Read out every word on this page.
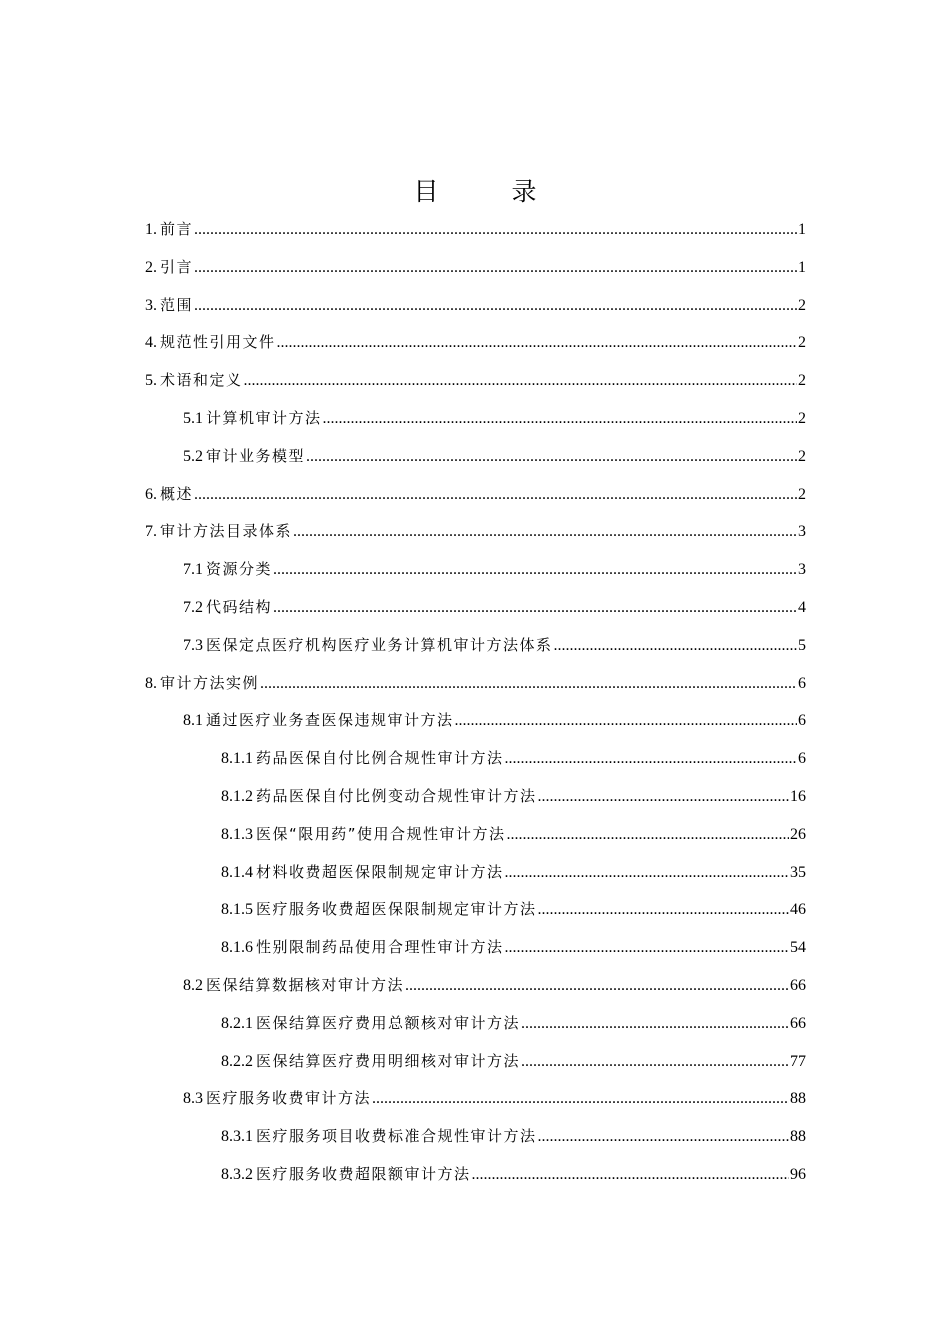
目　录
1. 前言 .....	1
2. 引言 .....	1
3. 范围 .....	2
4. 规范性引用文件 .....	2
5. 术语和定义 .....	2
5.1 计算机审计方法 .....	2
5.2 审计业务模型 .....	2
6. 概述 .....	2
7. 审计方法目录体系 .....	3
7.1 资源分类 .....	3
7.2 代码结构 .....	4
7.3 医保定点医疗机构医疗业务计算机审计方法体系 .....	5
8. 审计方法实例 .....	6
8.1 通过医疗业务查医保违规审计方法 .....	6
8.1.1 药品医保自付比例合规性审计方法 .....	6
8.1.2 药品医保自付比例变动合规性审计方法 .....	16
8.1.3 医保“限用药”使用合规性审计方法 .....	26
8.1.4 材料收费超医保限制规定审计方法 .....	35
8.1.5 医疗服务收费超医保限制规定审计方法 .....	46
8.1.6 性别限制药品使用合理性审计方法 .....	54
8.2 医保结算数据核对审计方法 .....	66
8.2.1 医保结算医疗费用总额核对审计方法 .....	66
8.2.2 医保结算医疗费用明细核对审计方法 .....	77
8.3 医疗服务收费审计方法 .....	88
8.3.1 医疗服务项目收费标准合规性审计方法 .....	88
8.3.2 医疗服务收费超限额审计方法 .....	96
